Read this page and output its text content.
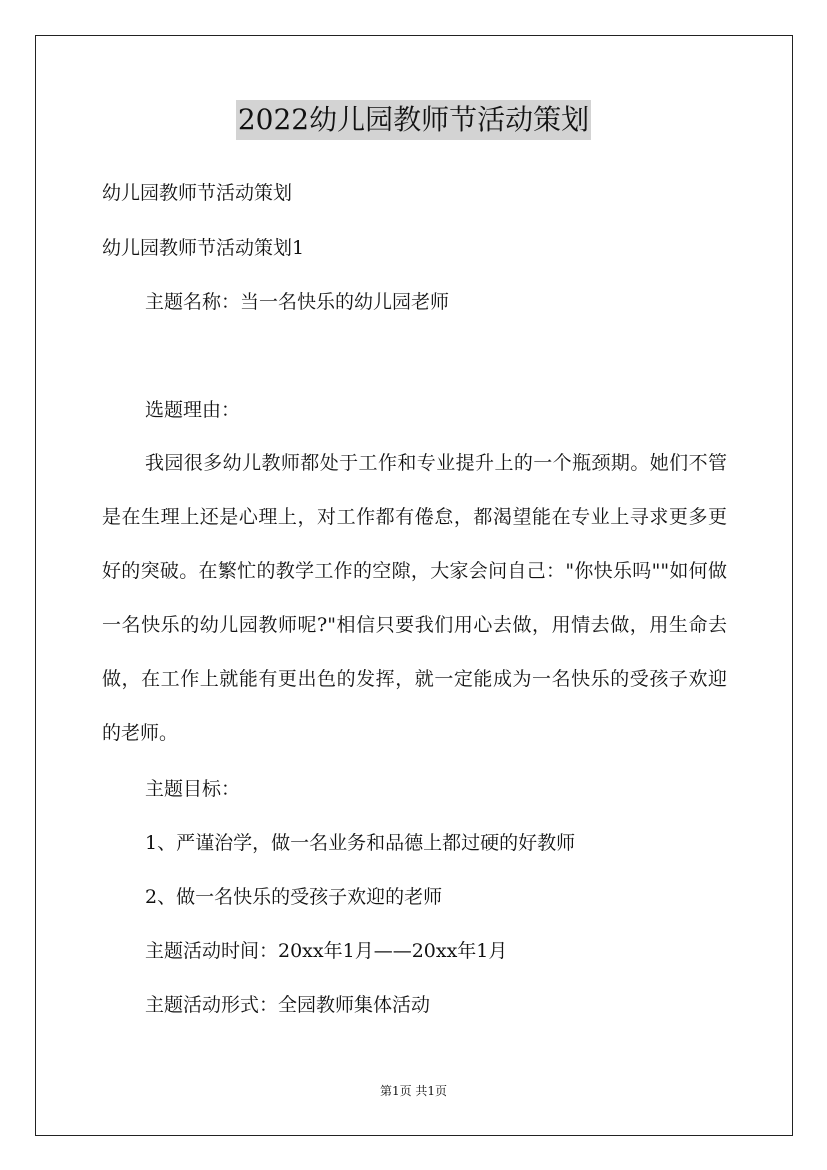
2022幼儿园教师节活动策划
幼儿园教师节活动策划
幼儿园教师节活动策划1
主题名称：当一名快乐的幼儿园老师
选题理由：
我园很多幼儿教师都处于工作和专业提升上的一个瓶颈期。她们不管是在生理上还是心理上，对工作都有倦怠，都渴望能在专业上寻求更多更好的突破。在繁忙的教学工作的空隙，大家会问自己："你快乐吗""如何做一名快乐的幼儿园教师呢?"相信只要我们用心去做，用情去做，用生命去做，在工作上就能有更出色的发挥，就一定能成为一名快乐的受孩子欢迎的老师。
主题目标：
1、严谨治学，做一名业务和品德上都过硬的好教师
2、做一名快乐的受孩子欢迎的老师
主题活动时间：20xx年1月——20xx年1月
主题活动形式：全园教师集体活动
第1页 共1页
